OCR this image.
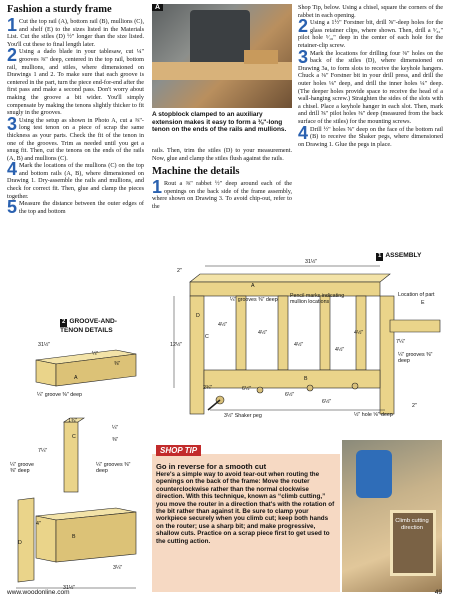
Fashion a sturdy frame

1 Cut the top rail (A), bottom rail (B), mullions (C), and shelf (E) to the sizes listed in the Materials List. Cut the stiles (D) ½" longer than the size listed. You'll cut these to final length later.

2 Using a dado blade in your tablesaw, cut ¼" grooves ⅜" deep, centered in the top rail, bottom rail, mullions, and stiles, where dimensioned on Drawings 1 and 2. To make sure that each groove is centered in the part, turn the piece end-for-end after the first pass and make a second pass. Don't worry about making the groove a bit wider. You'll simply compensate by making the tenons slightly thicker to fit snugly in the grooves.

3 Using the setup as shown in Photo A, cut a ⅜"-long test tenon on a piece of scrap the same thickness as your parts. Check the fit of the tenon in one of the grooves. Trim as needed until you get a snug fit. Then, cut the tenons on the ends of the rails (A, B) and mullions (C).

4 Mark the locations of the mullions (C) on the top and bottom rails (A, B), where dimensioned on Drawing 1. Dry-assemble the rails and mullions, and check for correct fit. Then, glue and clamp the pieces together.

5 Measure the distance between the outer edges of the top and bottom

A
A stopblock clamped to an auxiliary extension makes it easy to form a ⅜"-long tenon on the ends of the rails and mullions.

rails. Then, trim the stiles (D) to your measurement. Now, glue and clamp the stiles flush against the rails.

Machine the details

1 Rout a ⅜" rabbet ½" deep around each of the openings on the back side of the frame assembly, where shown on Drawing 3. To avoid chip-out, refer to the

Shop Tip, below. Using a chisel, square the corners of the rabbet in each opening.

2 Using a 1½" Forstner bit, drill ⅝"-deep holes for the glass retainer clips, where shown. Then, drill a ⁵⁄₃₂" pilot hole ⁵⁄₁₆" deep in the center of each hole for the retainer-clip screw.

3 Mark the locations for drilling four ⅜" holes on the back of the stiles (D), where dimensioned on Drawing 3a, to form slots to receive the keyhole hangers. Chuck a ⅜" Forstner bit in your drill press, and drill the outer holes ⅛" deep, and drill the inner holes ¼" deep. (The deeper holes provide space to receive the head of a wall-hanging screw.) Straighten the sides of the slots with a chisel. Place a keyhole hanger in each slot. Then, mark and drill ⅝" pilot holes ⅜" deep (measured from the back surface of the stiles) for the mounting screws.

4 Drill ½" holes ⅝" deep on the face of the bottom rail (B) to receive the Shaker pegs, where dimensioned on Drawing 1. Glue the pegs in place.

1 ASSEMBLY
31½"
2"
A
¼" grooves ⅜" deep
Pencil marks indicating mullion locations
Location of part
E
D
C
12½"
4½"
4½"
4½"
4½"
4½"
7¼"
¼" grooves ⅜" deep
B
2¾"	6½"
6½"
6½"
3½" Shaker peg	½" hole ⅝" deep
2"
2 GROOVE-AND-TENON DETAILS
31½"
¼"
⅜"
A
¼" groove ⅜" deep
1¾"
C
¼"
⅜"
7¼"
¼" groove ⅜" deep
¼" grooves ⅜" deep
D
4"
B
3¼"
31½"
SHOP TIP
Go in reverse for a smooth cut
Here's a simple way to avoid tear-out when routing the openings on the back of the frame: Move the router counterclockwise rather than the normal clockwise direction. With this technique, known as “climb cutting,” you move the router in a direction that's with the rotation of the bit rather than against it. Be sure to clamp your workpiece securely when you climb cut; keep both hands on the router; use a sharp bit; and make progressive, shallow cuts. Practice on a scrap piece first to get used to the cutting action.
Climb cutting direction
www.woodonline.com	49
